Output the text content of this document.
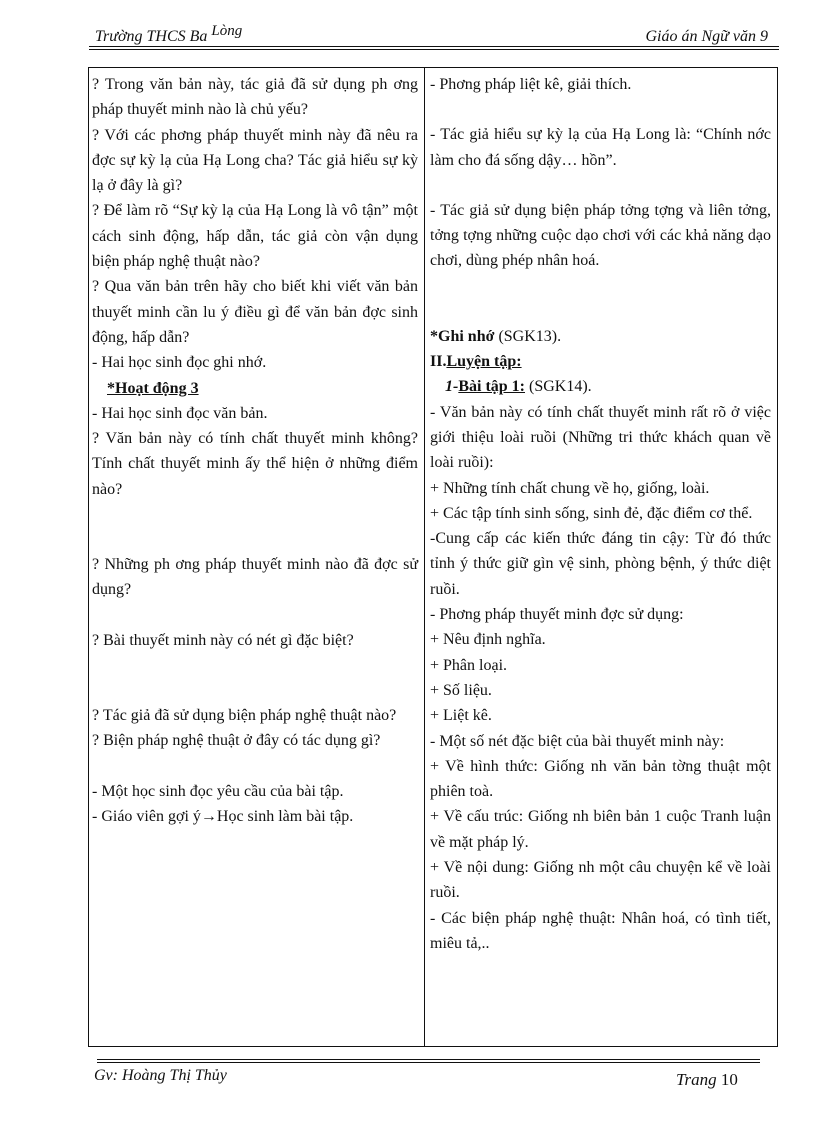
Trường THCS Ba Lòng	Giáo án Ngữ văn 9

? Trong văn bản này, tác giả đã sử dụng ph ơng pháp thuyết minh nào là chủ yếu?

? Với các phơng pháp thuyết minh này đã nêu ra đợc sự kỳ lạ của Hạ Long cha? Tác giả hiểu sự kỳ lạ ở đây là gì?

? Để làm rõ “Sự kỳ lạ của Hạ Long là vô tận” một cách sinh động, hấp dẫn, tác giả còn vận dụng biện pháp nghệ thuật nào?

? Qua văn bản trên hãy cho biết khi viết văn bản thuyết minh cần lu ý điều gì để văn bản đợc sinh động, hấp dẫn?

- Hai học sinh đọc ghi nhớ.

*Hoạt động 3

- Hai học sinh đọc văn bản.

? Văn bản này có tính chất thuyết minh không? Tính chất thuyết minh ấy thể hiện ở những điểm nào?

? Những ph ơng pháp thuyết minh nào đã đợc sử dụng?

? Bài thuyết minh này có nét gì đặc biệt?

? Tác giả đã sử dụng biện pháp nghệ thuật nào?

? Biện pháp nghệ thuật ở đây có tác dụng gì?

- Một học sinh đọc yêu cầu của bài tập.

- Giáo viên gợi ý→Học sinh làm bài tập.

- Phơng pháp liệt kê, giải thích.

- Tác giả hiểu sự kỳ lạ của Hạ Long là: “Chính nớc làm cho đá sống dậy… hồn”.

- Tác giả sử dụng biện pháp tởng tợng và liên tởng, tởng tợng những cuộc dạo chơi với các khả năng dạo chơi, dùng phép nhân hoá.

*Ghi nhớ (SGK13).

II.Luyện tập:

1-Bài tập 1: (SGK14).

- Văn bản này có tính chất thuyết minh rất rõ ở việc giới thiệu loài ruồi (Những tri thức khách quan về loài ruồi):

+ Những tính chất chung về họ, giống, loài.

+ Các tập tính sinh sống, sinh đẻ, đặc điểm cơ thể.

-Cung cấp các kiến thức đáng tin cậy: Từ đó thức tỉnh ý thức giữ gìn vệ sinh, phòng bệnh, ý thức diệt ruồi.

- Phơng pháp thuyết minh đợc sử dụng:

+ Nêu định nghĩa.

+ Phân loại.

+ Số liệu.

+ Liệt kê.

- Một số nét đặc biệt của bài thuyết minh này:

+ Về hình thức: Giống nh văn bản tờng thuật một phiên toà.

+ Về cấu trúc: Giống nh biên bản 1 cuộc Tranh luận về mặt pháp lý.

+ Về nội dung: Giống nh một câu chuyện kể về loài ruồi.

- Các biện pháp nghệ thuật: Nhân hoá, có tình tiết, miêu tả,..

Gv: Hoàng Thị Thủy	Trang 10
